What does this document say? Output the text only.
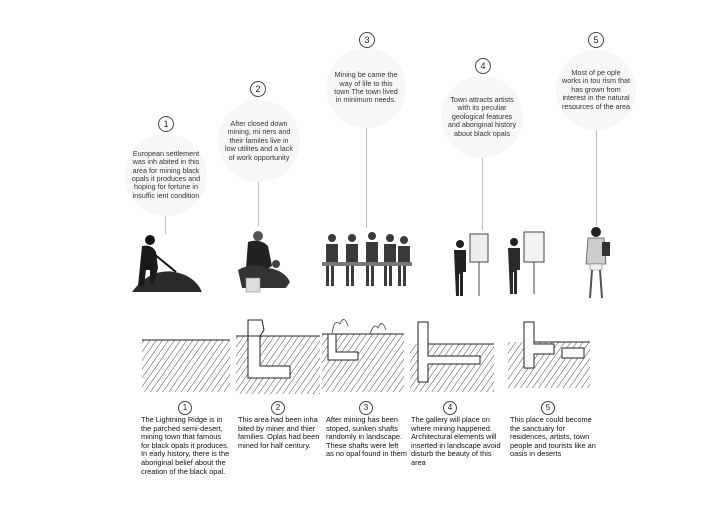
1
European settlement was inh abited in this area for mining black opals it produces and hoping for fortune in insuffic ient condition
2
After closed down mining, mi ners and their familes live in low utilites and a lack of work opportunity
3
Mining be came the way of life to this town The town lived in minimum needs.
4
Town attracts artists with its peculiar geological features and aboriginal history about black opals
5
Most of pe ople works in tou rism that has grown from interest in the natural resources of the area
1
The Lightning Ridge is in the parched semi-desert, mining town that famous for black opals it produces. In early history, there is the aboriginal belief about the creation of the black opal.
2
This area had been inha bited by miner and thier families. Oplas had been mined for half century.
3
After mining has been stoped, sunken shafts randomly in landscape. These shafts were left as no opal found in them
4
The gallery will place on where mining happened. Architectural elements will inserted in landscape avoid disturb the beauty of this area
5
This place could become the sanctuary for residences, artists, town people and tourists like an oasis in deserts
